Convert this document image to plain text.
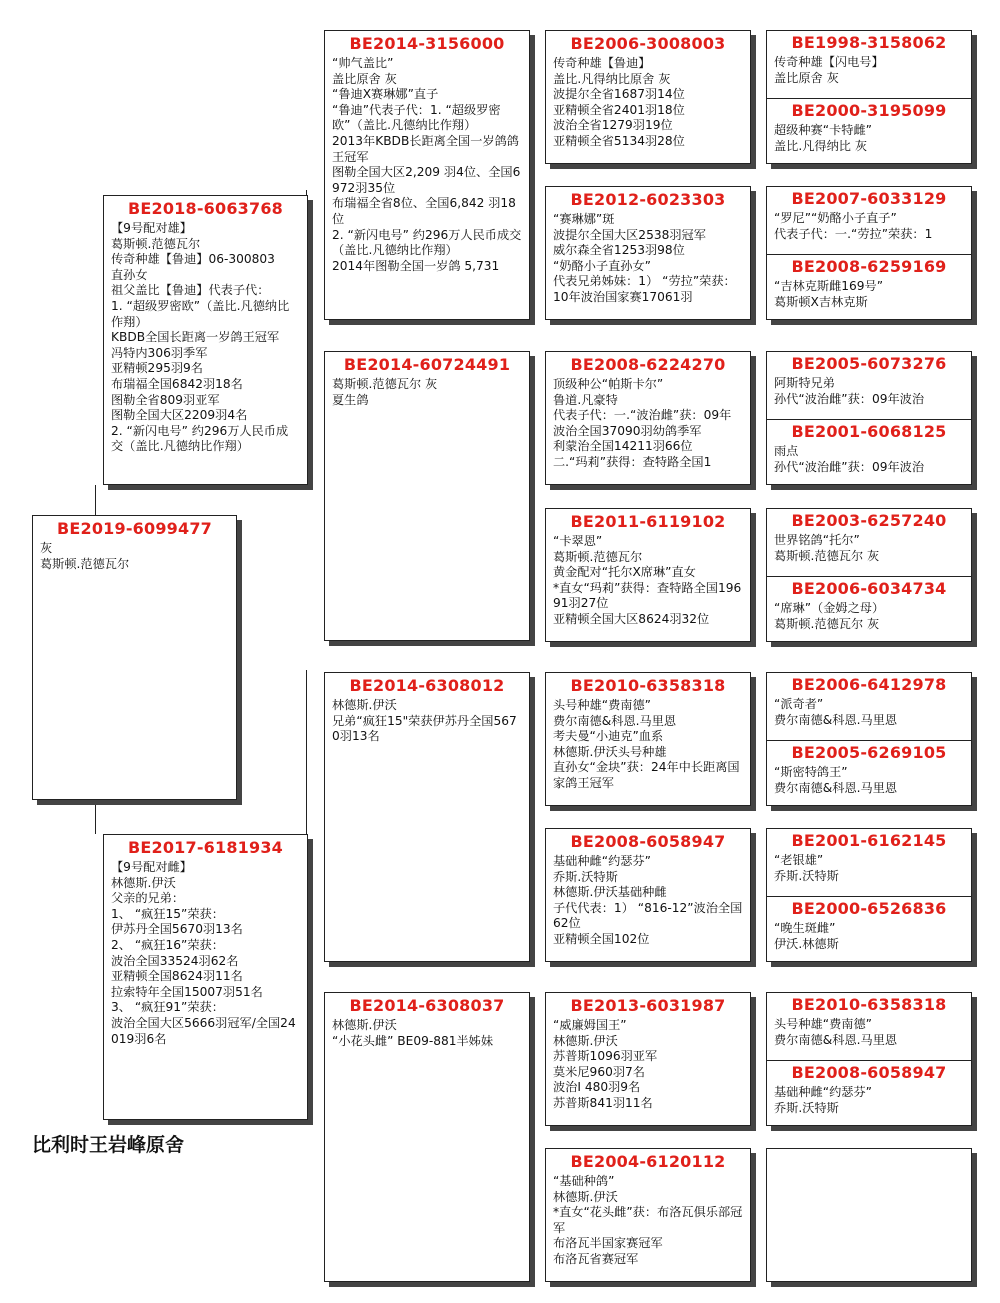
BE2019-6099477
灰
葛斯顿.范德瓦尔
BE2018-6063768
【9号配对雄】
葛斯顿.范德瓦尔
传奇种雄【鲁迪】06-300803
直孙女
祖父盖比【鲁迪】代表子代：
1. “超级罗密欧”（盖比.凡德纳比作翔）
KBDB全国长距离一岁鸽王冠军
冯特内306羽季军
亚精顿295羽9名
布瑞福全国6842羽18名
图勒全省809羽亚军
图勒全国大区2209羽4名
2. “新闪电号” 约296万人民币成交（盖比.凡德纳比作翔）
BE2017-6181934
【9号配对雌】
林德斯.伊沃
父亲的兄弟：
1、 “疯狂15”荣获：
伊苏丹全国5670羽13名
2、 “疯狂16”荣获：
波治全国33524羽62名
亚精顿全国8624羽11名
拉索特年全国15007羽51名
3、 “疯狂91”荣获：
波治全国大区5666羽冠军/全国24019羽6名
BE2014-3156000
“帅气盖比”
盖比原舍 灰
“鲁迪X赛琳娜”直子
“鲁迪”代表子代：1. “超级罗密欧”（盖比.凡德纳比作翔）
2013年KBDB长距离全国一岁鸽鸽王冠军
图勒全国大区2,209 羽4位、全国6972羽35位
布瑞福全省8位、全国6,842 羽18位
2. “新闪电号” 约296万人民币成交（盖比.凡德纳比作翔）
2014年图勒全国一岁鸽 5,731
BE2014-60724491
葛斯顿.范德瓦尔 灰
夏生鸽
BE2014-6308012
林德斯.伊沃
兄弟“疯狂15"荣获伊苏丹全国5670羽13名
BE2014-6308037
林德斯.伊沃
“小花头雌” BE09-881半姊妹
BE2006-3008003
传奇种雄【鲁迪】
盖比.凡得纳比原舍 灰
波提尔全省1687羽14位
亚精顿全省2401羽18位
波治全省1279羽19位
亚精顿全省5134羽28位
BE2012-6023303
“赛琳娜”斑
波提尔全国大区2538羽冠军
威尔森全省1253羽98位
“奶酪小子直孙女”
代表兄弟姊妹：1） “劳拉”荣获：10年波治国家赛17061羽
BE2008-6224270
顶级种公“帕斯卡尔”
鲁道.凡豪特
代表子代：一.“波治雌”获：09年波治全国37090羽幼鸽季军
利蒙治全国14211羽66位
二.“玛莉”获得：查特路全国1
BE2011-6119102
“卡翠恩”
葛斯顿.范德瓦尔
黄金配对“托尔X席琳”直女
*直女“玛莉”获得：查特路全国19691羽27位
亚精顿全国大区8624羽32位
BE2010-6358318
头号种雄“费南德”
费尔南德&科恩.马里恩
考夫曼“小迪克”血系
林德斯.伊沃头号种雄
直孙女“金块”获：24年中长距离国家鸽王冠军
BE2008-6058947
基础种雌“约瑟芬”
乔斯.沃特斯
林德斯.伊沃基础种雌
子代代表：1） “816-12”波治全国62位
亚精顿全国102位
BE2013-6031987
“威廉姆国王”
林德斯.伊沃
苏普斯1096羽亚军
莫米尼960羽7名
波治I 480羽9名
苏普斯841羽11名
BE2004-6120112
“基础种鸽”
林德斯.伊沃
*直女“花头雌”获：布洛瓦俱乐部冠军
布洛瓦半国家赛冠军
布洛瓦省赛冠军
BE1998-3158062
传奇种雄【闪电号】
盖比原舍 灰
BE2000-3195099
超级种赛“卡特雌”
盖比.凡得纳比 灰
BE2007-6033129
“罗尼”“奶酪小子直子”
代表子代：一.“劳拉”荣获：1
BE2008-6259169
“吉林克斯雌169号”
葛斯顿X吉林克斯
BE2005-6073276
阿斯特兄弟
孙代“波治雌”获：09年波治
BE2001-6068125
雨点
孙代“波治雌”获：09年波治
BE2003-6257240
世界铭鸽“托尔”
葛斯顿.范德瓦尔 灰
BE2006-6034734
“席琳”（金姆之母）
葛斯顿.范德瓦尔 灰
BE2006-6412978
“派奇者”
费尔南德&科恩.马里恩
BE2005-6269105
“斯密特鸽王”
费尔南德&科恩.马里恩
BE2001-6162145
“老银雄”
乔斯.沃特斯
BE2000-6526836
“晚生斑雌”
伊沃.林德斯
BE2010-6358318
头号种雄“费南德”
费尔南德&科恩.马里恩
BE2008-6058947
基础种雌“约瑟芬”
乔斯.沃特斯
比利时王岩峰原舍
